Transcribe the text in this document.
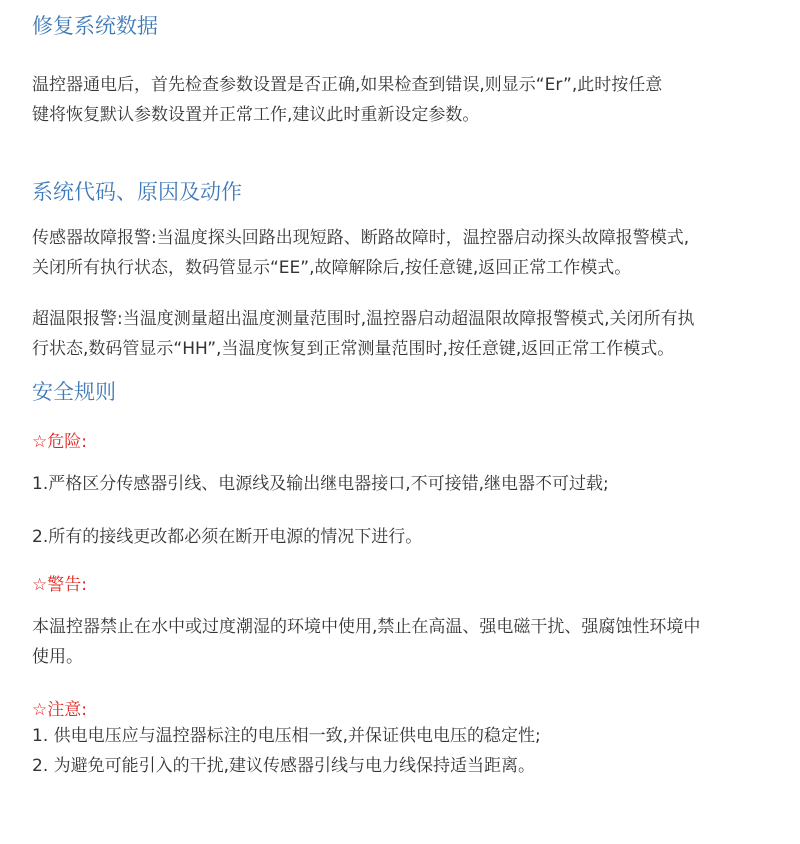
修复系统数据
温控器通电后，首先检查参数设置是否正确,如果检查到错误,则显示“Er”,此时按任意
键将恢复默认参数设置并正常工作,建议此时重新设定参数。
系统代码、原因及动作
传感器故障报警:当温度探头回路出现短路、断路故障时，温控器启动探头故障报警模式,
关闭所有执行状态，数码管显示“EE”,故障解除后,按任意键,返回正常工作模式。
超温限报警:当温度测量超出温度测量范围时,温控器启动超温限故障报警模式,关闭所有执
行状态,数码管显示“HH”,当温度恢复到正常测量范围时,按任意键,返回正常工作模式。
安全规则
☆危险:
1.严格区分传感器引线、电源线及输出继电器接口,不可接错,继电器不可过载;
2.所有的接线更改都必须在断开电源的情况下进行。
☆警告:
本温控器禁止在水中或过度潮湿的环境中使用,禁止在高温、强电磁干扰、强腐蚀性环境中
使用。
☆注意:
1. 供电电压应与温控器标注的电压相一致,并保证供电电压的稳定性;
2. 为避免可能引入的干扰,建议传感器引线与电力线保持适当距离。
